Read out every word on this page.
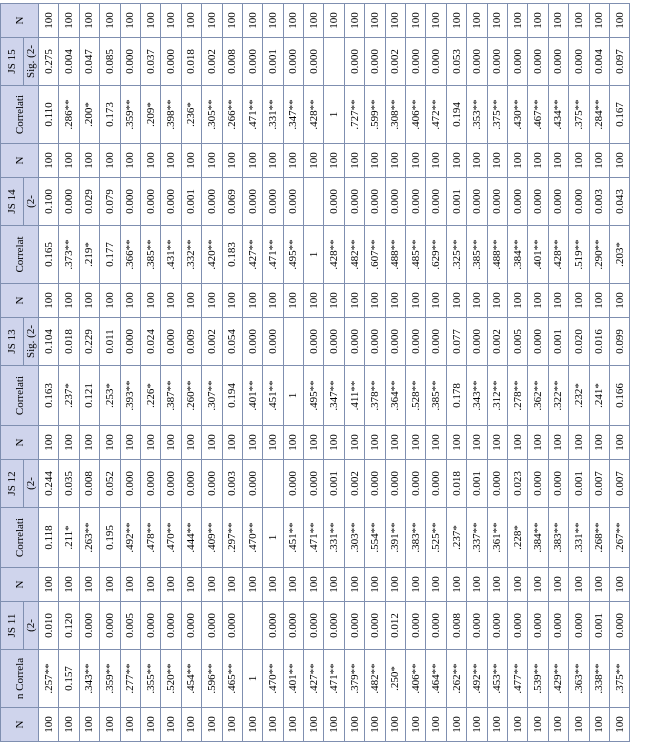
N	n Correla	JS 11	N	Correlati	JS 12	N	Correlati	JS 13	N	Correlat	JS 14	N	Correlati	JS 15	N
		(2-			(2-			Sig. (2-			(2-			Sig. (2-	
100	.257**	0.010	100	0.118	0.244	100	0.163	0.104	100	0.165	0.100	100	0.110	0.275	100
100	0.157	0.120	100	.211*	0.035	100	.237*	0.018	100	.373**	0.000	100	.286**	0.004	100
100	.343**	0.000	100	.263**	0.008	100	0.121	0.229	100	.219*	0.029	100	.200*	0.047	100
100	.359**	0.000	100	0.195	0.052	100	.253*	0.011	100	0.177	0.079	100	0.173	0.085	100
100	.277**	0.005	100	.492**	0.000	100	.393**	0.000	100	.366**	0.000	100	.359**	0.000	100
100	.355**	0.000	100	.478**	0.000	100	.226*	0.024	100	.385**	0.000	100	.209*	0.037	100
100	.520**	0.000	100	.470**	0.000	100	.387**	0.000	100	.431**	0.000	100	.398**	0.000	100
100	.454**	0.000	100	.444**	0.000	100	.260**	0.009	100	.332**	0.001	100	.236*	0.018	100
100	.596**	0.000	100	.409**	0.000	100	.307**	0.002	100	.420**	0.000	100	.305**	0.002	100
100	.465**	0.000	100	.297**	0.003	100	0.194	0.054	100	0.183	0.069	100	.266**	0.008	100
100	1		100	.470**	0.000	100	.401**	0.000	100	.427**	0.000	100	.471**	0.000	100
100	.470**	0.000	100	1		100	.451**	0.000	100	.471**	0.000	100	.331**	0.001	100
100	.401**	0.000	100	.451**	0.000	100	1		100	.495**	0.000	100	.347**	0.000	100
100	.427**	0.000	100	.471**	0.000	100	.495**	0.000	100	1		100	.428**	0.000	100
100	.471**	0.000	100	.331**	0.001	100	.347**	0.000	100	.428**	0.000	100	1		100
100	.379**	0.000	100	.303**	0.002	100	.411**	0.000	100	.482**	0.000	100	.727**	0.000	100
100	.482**	0.000	100	.554**	0.000	100	.378**	0.000	100	.607**	0.000	100	.599**	0.000	100
100	.250*	0.012	100	.391**	0.000	100	.364**	0.000	100	.488**	0.000	100	.308**	0.002	100
100	.406**	0.000	100	.383**	0.000	100	.528**	0.000	100	.485**	0.000	100	.406**	0.000	100
100	.464**	0.000	100	.525**	0.000	100	.385**	0.000	100	.629**	0.000	100	.472**	0.000	100
100	.262**	0.008	100	.237*	0.018	100	0.178	0.077	100	.325**	0.001	100	0.194	0.053	100
100	.492**	0.000	100	.337**	0.001	100	.343**	0.000	100	.385**	0.000	100	.353**	0.000	100
100	.453**	0.000	100	.361**	0.000	100	.312**	0.002	100	.488**	0.000	100	.375**	0.000	100
100	.477**	0.000	100	.228*	0.023	100	.278**	0.005	100	.384**	0.000	100	.430**	0.000	100
100	.539**	0.000	100	.384**	0.000	100	.362**	0.000	100	.401**	0.000	100	.467**	0.000	100
100	.429**	0.000	100	.383**	0.000	100	.322**	0.001	100	.428**	0.000	100	.434**	0.000	100
100	.363**	0.000	100	.331**	0.001	100	.232*	0.020	100	.519**	0.000	100	.375**	0.000	100
100	.338**	0.001	100	.268**	0.007	100	.241*	0.016	100	.290**	0.003	100	.284**	0.004	100
100	.375**	0.000	100	.267**	0.007	100	0.166	0.099	100	.203*	0.043	100	0.167	0.097	100
